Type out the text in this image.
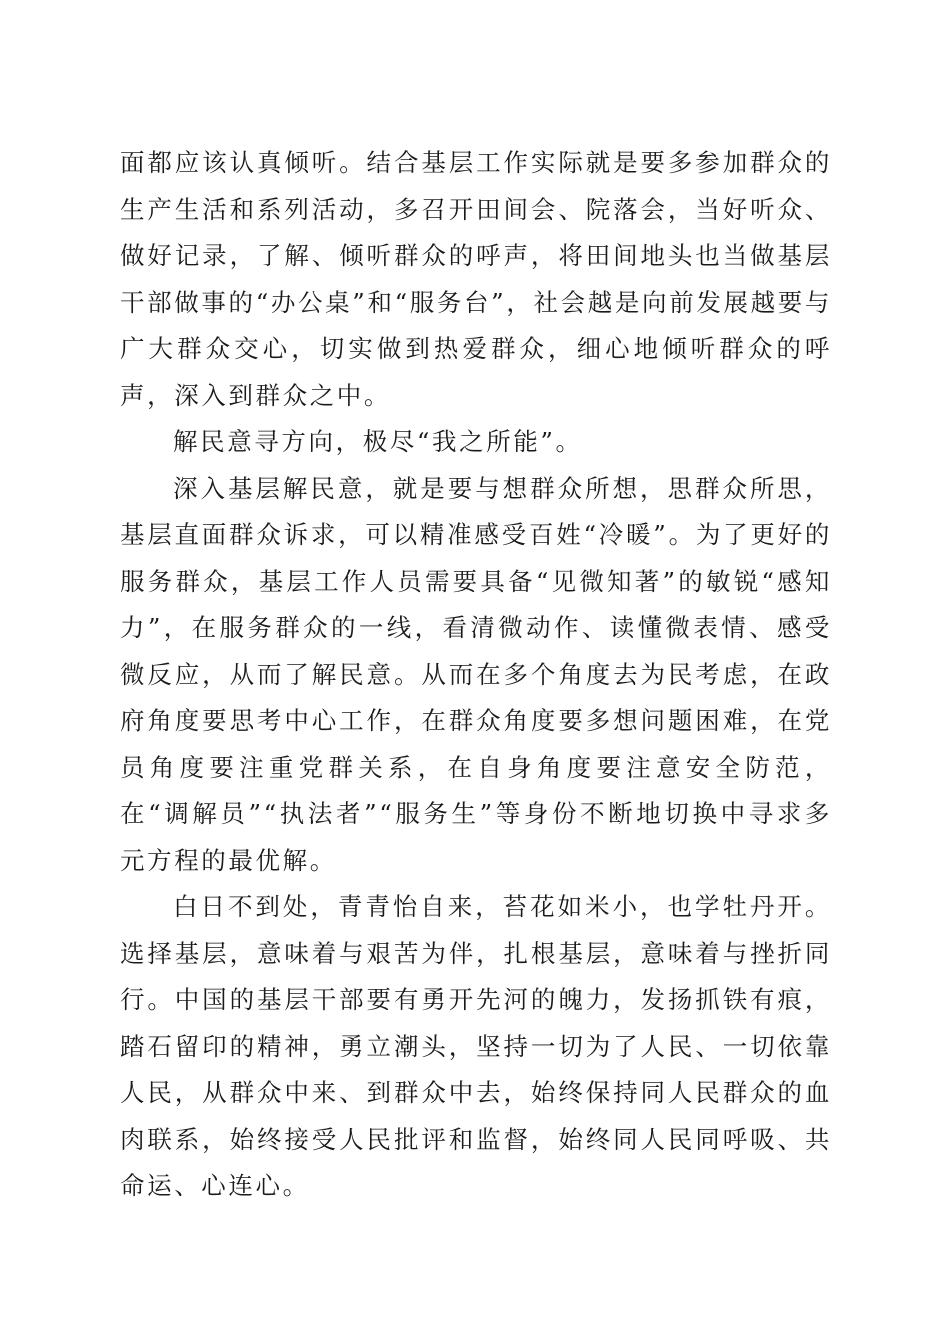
面都应该认真倾听。结合基层工作实际就是要多参加群众的生产生活和系列活动，多召开田间会、院落会，当好听众、做好记录，了解、倾听群众的呼声，将田间地头也当做基层干部做事的“办公桌”和“服务台”，社会越是向前发展越要与广大群众交心，切实做到热爱群众，细心地倾听群众的呼声，深入到群众之中。

解民意寻方向，极尽“我之所能”。

深入基层解民意，就是要与想群众所想，思群众所思，基层直面群众诉求，可以精准感受百姓“冷暖”。为了更好的服务群众，基层工作人员需要具备“见微知著”的敏锐“感知力”，在服务群众的一线，看清微动作、读懂微表情、感受微反应，从而了解民意。从而在多个角度去为民考虑，在政府角度要思考中心工作，在群众角度要多想问题困难，在党员角度要注重党群关系，在自身角度要注意安全防范，在“调解员”“执法者”“服务生”等身份不断地切换中寻求多元方程的最优解。

白日不到处，青青怡自来，苔花如米小，也学牡丹开。选择基层，意味着与艰苦为伴，扎根基层，意味着与挫折同行。中国的基层干部要有勇开先河的魄力，发扬抓铁有痕，踏石留印的精神，勇立潮头，坚持一切为了人民、一切依靠人民，从群众中来、到群众中去，始终保持同人民群众的血肉联系，始终接受人民批评和监督，始终同人民同呼吸、共命运、心连心。
